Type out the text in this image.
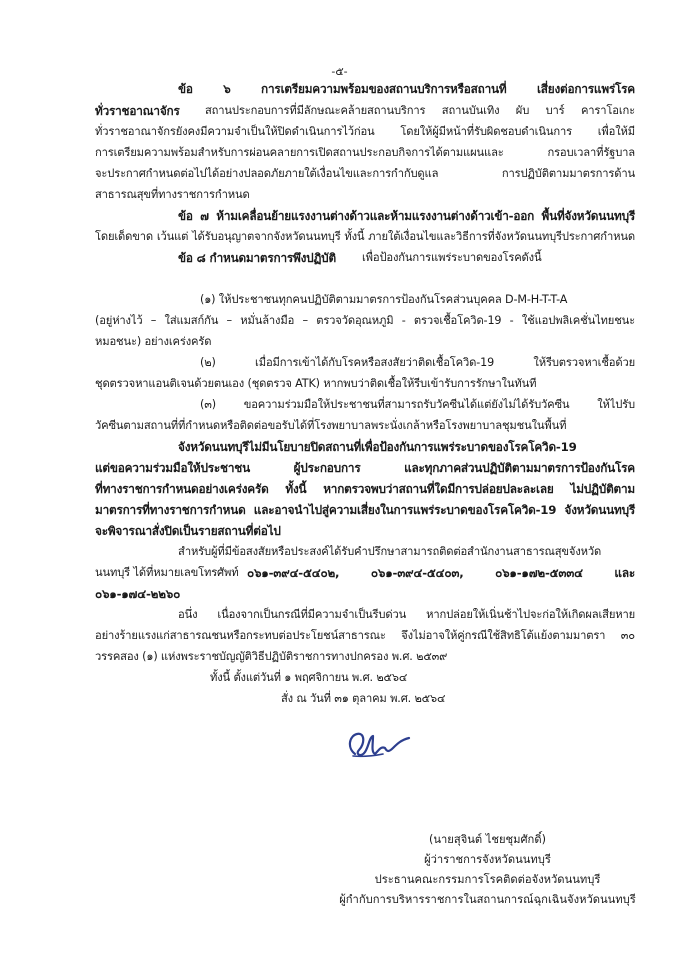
-๕-
ข้อ ๖ การเตรียมความพร้อมของสถานบริการหรือสถานที่ เสี่ยงต่อการแพร่โรค
ทั่วราชอาณาจักร	สถานประกอบการที่มีลักษณะคล้ายสถานบริการ สถานบันเทิง ผับ บาร์ คาราโอเกะ
ทั่วราชอาณาจักรยังคงมีความจำเป็นให้ปิดดำเนินการไว้ก่อน โดยให้ผู้มีหน้าที่รับผิดชอบดำเนินการ เพื่อให้มี
การเตรียมความพร้อมสำหรับการผ่อนคลายการเปิดสถานประกอบกิจการได้ตามแผนและ กรอบเวลาที่รัฐบาล
จะประกาศกำหนดต่อไปได้อย่างปลอดภัยภายใต้เงื่อนไขและการกำกับดูแล การปฏิบัติตามมาตรการด้าน
สาธารณสุขที่ทางราชการกำหนด
ข้อ ๗ ห้ามเคลื่อนย้ายแรงงานต่างด้าวและห้ามแรงงานต่างด้าวเข้า-ออก พื้นที่จังหวัดนนทบุรี
โดยเด็ดขาด เว้นแต่ ได้รับอนุญาตจากจังหวัดนนทบุรี ทั้งนี้ ภายใต้เงื่อนไขและวิธีการที่จังหวัดนนทบุรีประกาศกำหนด
ข้อ ๘ กำหนดมาตรการพึงปฏิบัติ	เพื่อป้องกันการแพร่ระบาดของโรคดังนี้
(๑) ให้ประชาชนทุกคนปฏิบัติตามมาตรการป้องกันโรคส่วนบุคคล D-M-H-T-T-A
(อยู่ห่างไว้ – ใส่แมสก์กัน – หมั่นล้างมือ – ตรวจวัดอุณหภูมิ - ตรวจเชื้อโควิด-19 - ใช้แอปพลิเคชั่นไทยชนะ
หมอชนะ) อย่างเคร่งครัด
(๒) เมื่อมีการเข้าได้กับโรคหรือสงสัยว่าติดเชื้อโควิด-19 ให้รีบตรวจหาเชื้อด้วย
ชุดตรวจหาแอนติเจนด้วยตนเอง (ชุดตรวจ ATK) หากพบว่าติดเชื้อให้รีบเข้ารับการรักษาในทันที
(๓) ขอความร่วมมือให้ประชาชนที่สามารถรับวัคซีนได้แต่ยังไม่ได้รับวัคซีน ให้ไปรับ
วัคซีนตามสถานที่ที่กำหนดหรือติดต่อขอรับได้ที่โรงพยาบาลพระนั่งเกล้าหรือโรงพยาบาลชุมชนในพื้นที่
จังหวัดนนทบุรีไม่มีนโยบายปิดสถานที่เพื่อป้องกันการแพร่ระบาดของโรคโควิด-19
แต่ขอความร่วมมือให้ประชาชน ผู้ประกอบการ และทุกภาคส่วนปฏิบัติตามมาตรการป้องกันโรค
ที่ทางราชการกำหนดอย่างเคร่งครัด ทั้งนี้ หากตรวจพบว่าสถานที่ใดมีการปล่อยปละละเลย ไม่ปฏิบัติตาม
มาตรการที่ทางราชการกำหนด และอาจนำไปสู่ความเสี่ยงในการแพร่ระบาดของโรคโควิด-19 จังหวัดนนทบุรี
จะพิจารณาสั่งปิดเป็นรายสถานที่ต่อไป
สำหรับผู้ที่มีข้อสงสัยหรือประสงค์ได้รับคำปรึกษาสามารถติดต่อสำนักงานสาธารณสุขจังหวัด
นนทบุรี ได้ที่หมายเลขโทรศัพท์ ๐๖๑-๓๙๔-๕๔๐๒, ๐๖๑-๓๙๔-๕๔๐๓, ๐๖๑-๑๗๒-๕๓๓๔ และ
๐๖๑-๑๗๔-๒๒๖๐
อนึ่ง เนื่องจากเป็นกรณีที่มีความจำเป็นรีบด่วน หากปล่อยให้เนิ่นช้าไปจะก่อให้เกิดผลเสียหาย
อย่างร้ายแรงแก่สาธารณชนหรือกระทบต่อประโยชน์สาธารณะ จึงไม่อาจให้คู่กรณีใช้สิทธิโต้แย้งตามมาตรา ๓๐
วรรคสอง (๑) แห่งพระราชบัญญัติวิธีปฏิบัติราชการทางปกครอง พ.ศ. ๒๕๓๙
ทั้งนี้ ตั้งแต่วันที่ ๑ พฤศจิกายน พ.ศ. ๒๕๖๔
สั่ง ณ วันที่ ๓๑ ตุลาคม พ.ศ. ๒๕๖๔
(นายสุจินต์ ไชยชุมศักดิ์)
ผู้ว่าราชการจังหวัดนนทบุรี
ประธานคณะกรรมการโรคติดต่อจังหวัดนนทบุรี
ผู้กำกับการบริหารราชการในสถานการณ์ฉุกเฉินจังหวัดนนทบุรี
